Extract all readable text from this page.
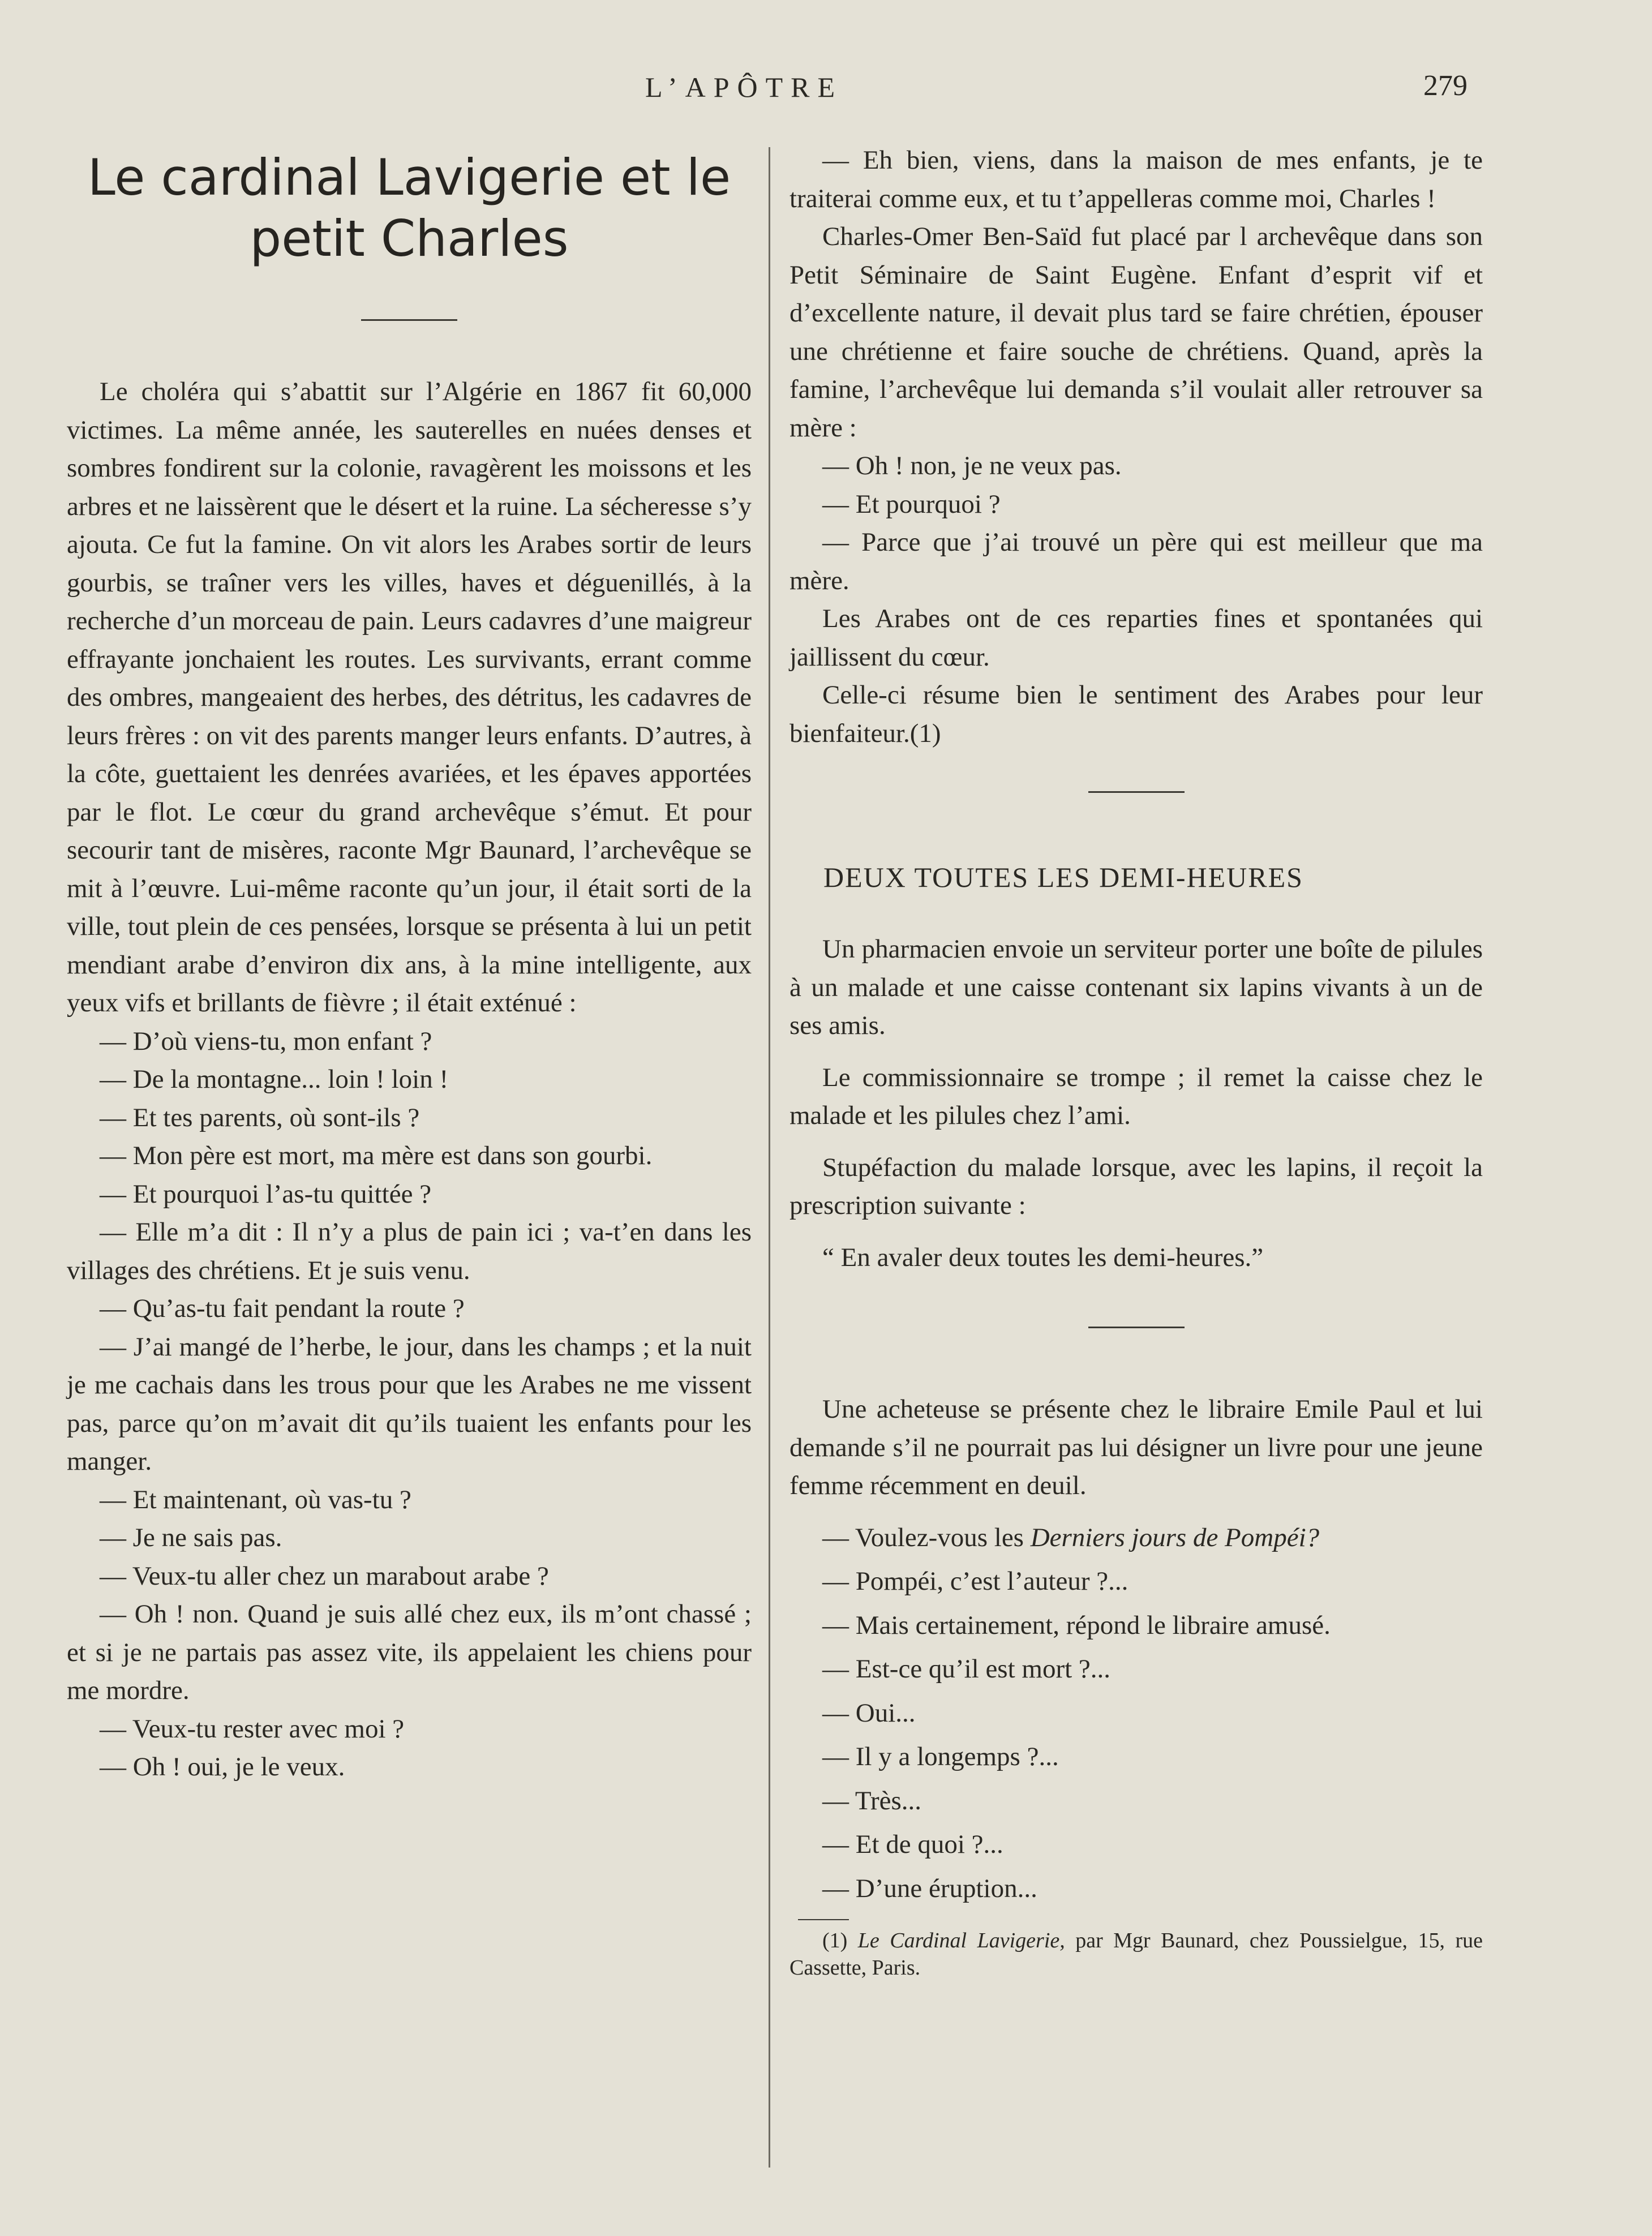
L’APÔTRE	279
Le cardinal Lavigerie et le petit Charles

Le choléra qui s’abattit sur l’Algérie en 1867 fit 60,000 victimes. La même année, les sauterelles en nuées denses et sombres fondirent sur la colonie, ravagèrent les moissons et les arbres et ne laissèrent que le désert et la ruine. La sécheresse s’y ajouta. Ce fut la famine. On vit alors les Arabes sortir de leurs gourbis, se traîner vers les villes, haves et déguenillés, à la recherche d’un morceau de pain. Leurs cadavres d’une maigreur effrayante jonchaient les routes. Les survivants, errant comme des ombres, mangeaient des herbes, des détritus, les cadavres de leurs frères : on vit des parents manger leurs enfants. D’autres, à la côte, guettaient les denrées avariées, et les épaves apportées par le flot. Le cœur du grand archevêque s’émut. Et pour secourir tant de misères, raconte Mgr Baunard, l’archevêque se mit à l’œuvre. Lui-même raconte qu’un jour, il était sorti de la ville, tout plein de ces pensées, lorsque se présenta à lui un petit mendiant arabe d’environ dix ans, à la mine intelligente, aux yeux vifs et brillants de fièvre ; il était exténué :

— D’où viens-tu, mon enfant ?

— De la montagne... loin ! loin !

— Et tes parents, où sont-ils ?

— Mon père est mort, ma mère est dans son gourbi.

— Et pourquoi l’as-tu quittée ?

— Elle m’a dit : Il n’y a plus de pain ici ; va-t’en dans les villages des chrétiens. Et je suis venu.

— Qu’as-tu fait pendant la route ?

— J’ai mangé de l’herbe, le jour, dans les champs ; et la nuit je me cachais dans les trous pour que les Arabes ne me vissent pas, parce qu’on m’avait dit qu’ils tuaient les enfants pour les manger.

— Et maintenant, où vas-tu ?

— Je ne sais pas.

— Veux-tu aller chez un marabout arabe ?

— Oh ! non. Quand je suis allé chez eux, ils m’ont chassé ; et si je ne partais pas assez vite, ils appelaient les chiens pour me mordre.

— Veux-tu rester avec moi ?

— Oh ! oui, je le veux.

— Eh bien, viens, dans la maison de mes enfants, je te traiterai comme eux, et tu t’appelleras comme moi, Charles !

Charles-Omer Ben-Saïd fut placé par l archevêque dans son Petit Séminaire de Saint Eugène. Enfant d’esprit vif et d’excellente nature, il devait plus tard se faire chrétien, épouser une chrétienne et faire souche de chrétiens. Quand, après la famine, l’archevêque lui demanda s’il voulait aller retrouver sa mère :

— Oh ! non, je ne veux pas.

— Et pourquoi ?

— Parce que j’ai trouvé un père qui est meilleur que ma mère.

Les Arabes ont de ces reparties fines et spontanées qui jaillissent du cœur.

Celle-ci résume bien le sentiment des Arabes pour leur bienfaiteur.(1)

DEUX TOUTES LES DEMI-HEURES

Un pharmacien envoie un serviteur porter une boîte de pilules à un malade et une caisse contenant six lapins vivants à un de ses amis.

Le commissionnaire se trompe ; il remet la caisse chez le malade et les pilules chez l’ami.

Stupéfaction du malade lorsque, avec les lapins, il reçoit la prescription suivante :

“ En avaler deux toutes les demi-heures.”

Une acheteuse se présente chez le libraire Emile Paul et lui demande s’il ne pourrait pas lui désigner un livre pour une jeune femme récemment en deuil.

— Voulez-vous les Derniers jours de Pompéi?

— Pompéi, c’est l’auteur ?...

— Mais certainement, répond le libraire amusé.

— Est-ce qu’il est mort ?...

— Oui...

— Il y a longemps ?...

— Très...

— Et de quoi ?...

— D’une éruption...

(1) Le Cardinal Lavigerie, par Mgr Baunard, chez Poussielgue, 15, rue Cassette, Paris.
